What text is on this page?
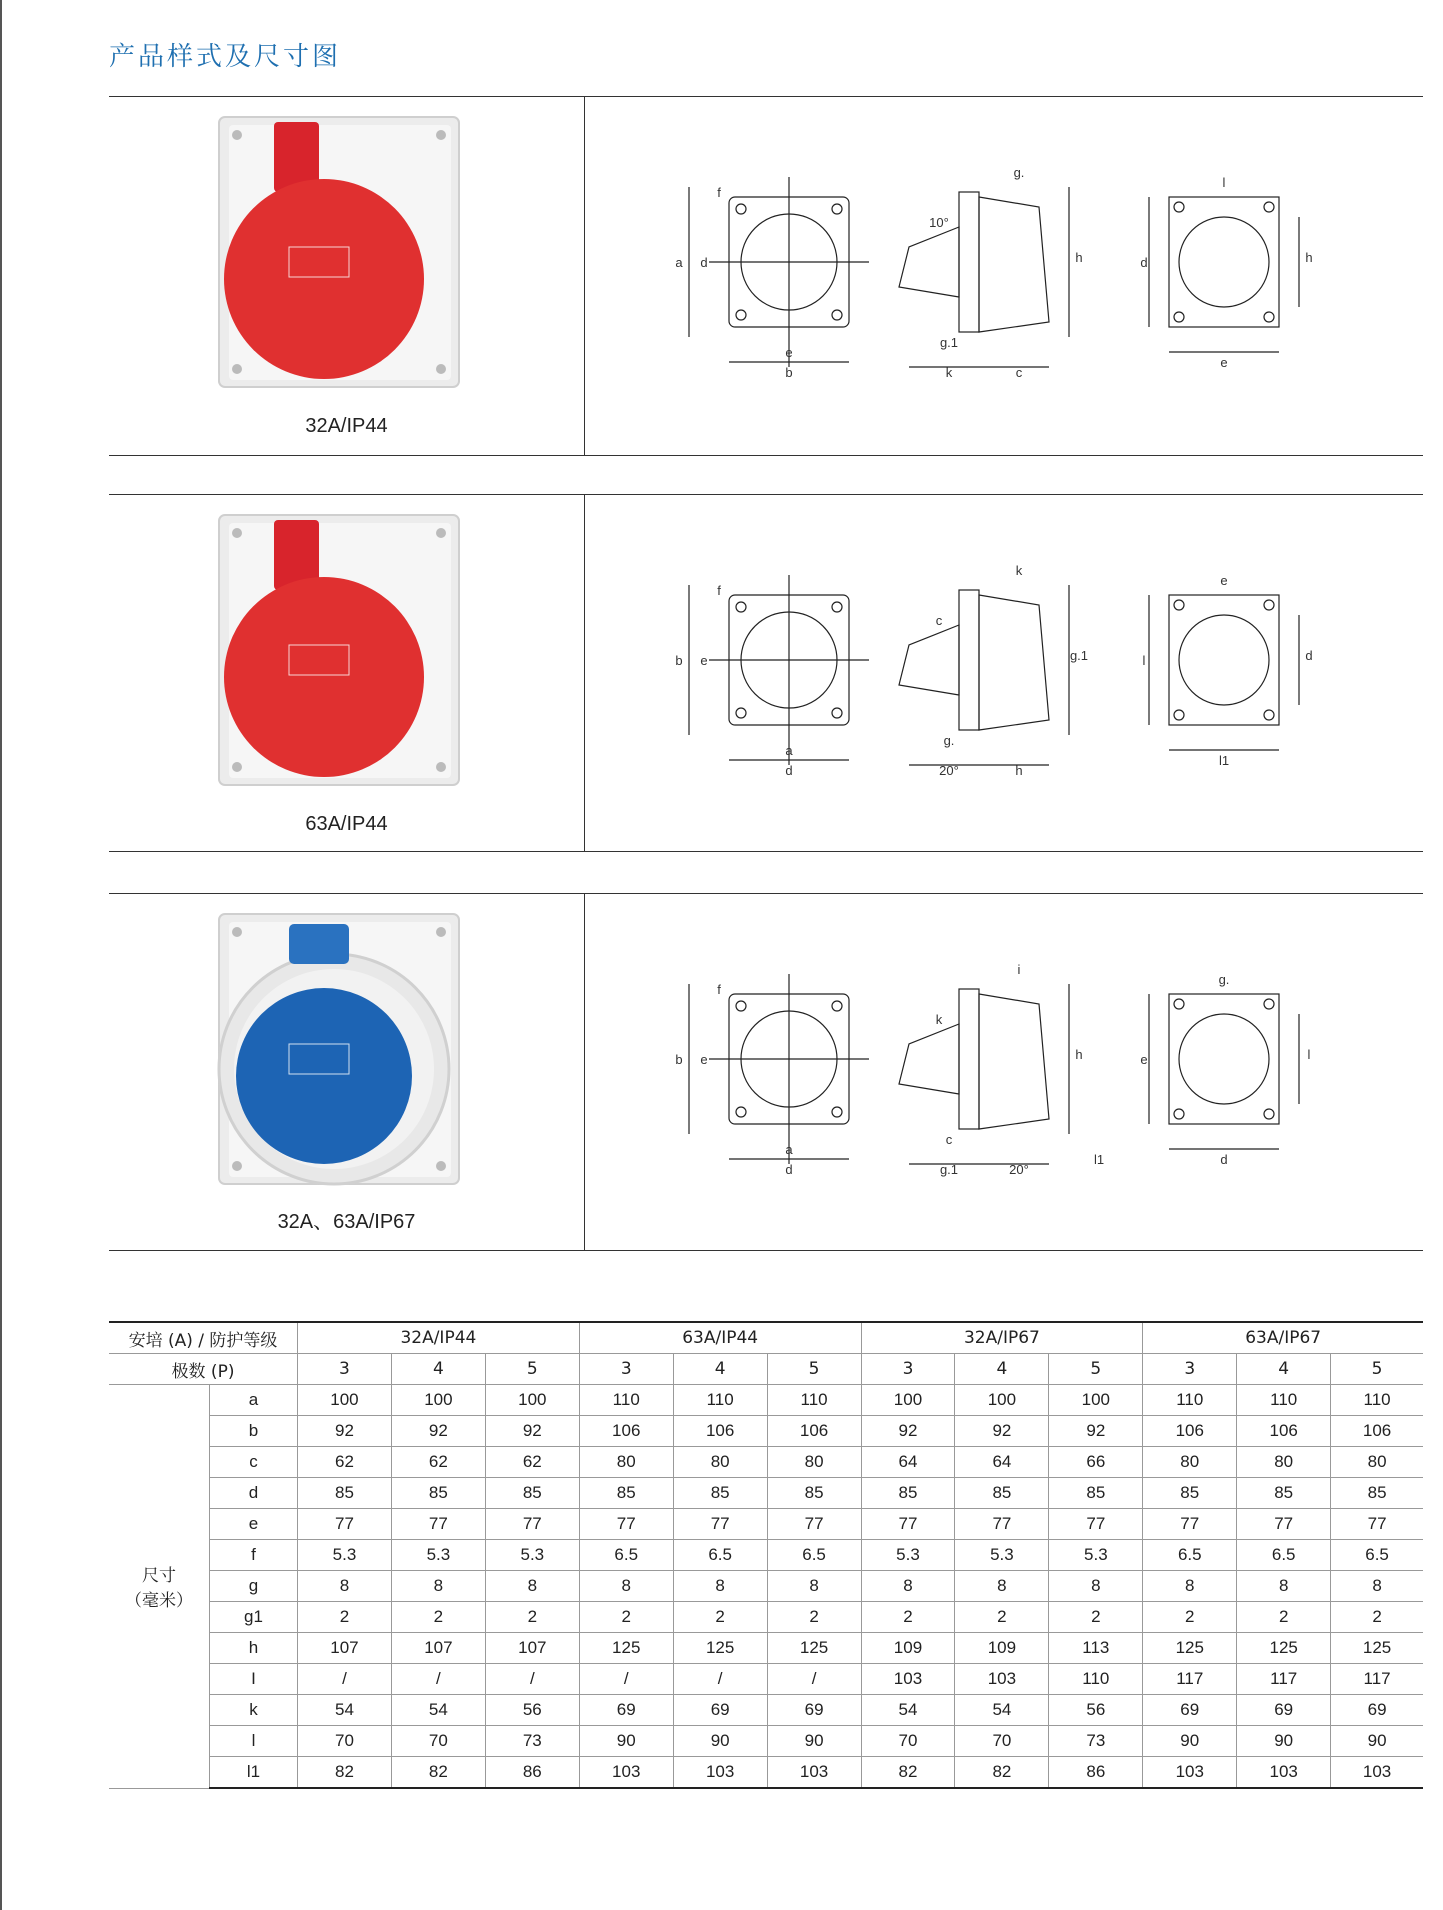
产品样式及尺寸图
32A/IP44
a d
f
e
b
g.
10°
g.1
k	c
h
l
d	h
e
63A/IP44
b e
f
a
d
k
c
g.
20°	h
g.1
e
l	d
l1
32A、63A/IP67
b e
f
a
d
i
k
c
g.1	20°
h
g.
e	l
d
l1
安培 (A) / 防护等级		32A/IP44			63A/IP44			32A/IP67			63A/IP67		
极数 (P)		3	4	5	3	4	5	3	4	5	3	4	5

尺寸
（毫米）	a	100	100	100	110	110	110	100	100	100	110	110	110
	b	92	92	92	106	106	106	92	92	92	106	106	106
	c	62	62	62	80	80	80	64	64	66	80	80	80
	d	85	85	85	85	85	85	85	85	85	85	85	85
	e	77	77	77	77	77	77	77	77	77	77	77	77
	f	5.3	5.3	5.3	6.5	6.5	6.5	5.3	5.3	5.3	6.5	6.5	6.5
	g	8	8	8	8	8	8	8	8	8	8	8	8
	g1	2	2	2	2	2	2	2	2	2	2	2	2
	h	107	107	107	125	125	125	109	109	113	125	125	125
	I	/	/	/	/	/	/	103	103	110	117	117	117
	k	54	54	56	69	69	69	54	54	56	69	69	69
	l	70	70	73	90	90	90	70	70	73	90	90	90
	l1	82	82	86	103	103	103	82	82	86	103	103	103
